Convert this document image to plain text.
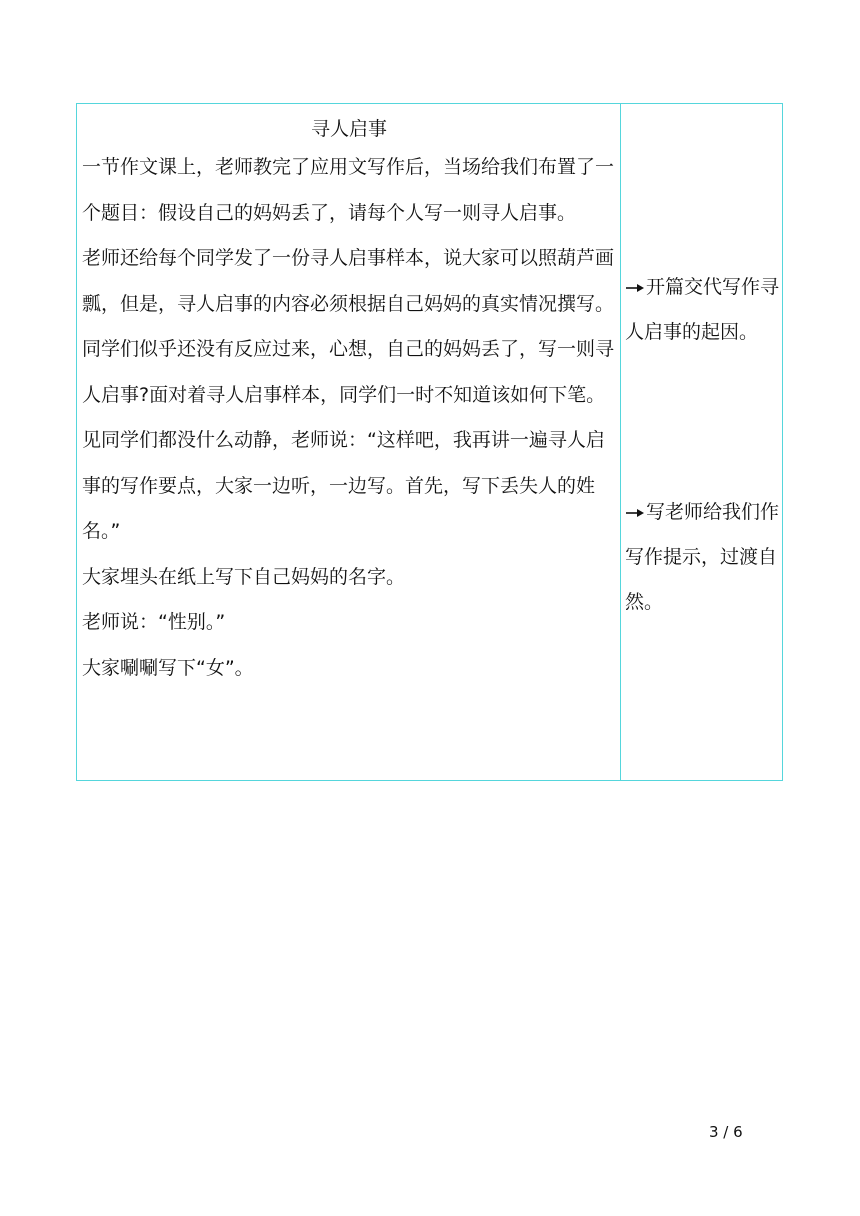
寻人启事

一节作文课上，老师教完了应用文写作后，当场给我们布置了一个题目：假设自己的妈妈丢了，请每个人写一则寻人启事。

老师还给每个同学发了一份寻人启事样本，说大家可以照葫芦画瓢，但是，寻人启事的内容必须根据自己妈妈的真实情况撰写。

同学们似乎还没有反应过来，心想，自己的妈妈丢了，写一则寻人启事?面对着寻人启事样本，同学们一时不知道该如何下笔。

见同学们都没什么动静，老师说：“这样吧，我再讲一遍寻人启事的写作要点，大家一边听，一边写。首先，写下丢失人的姓名。”

大家埋头在纸上写下自己妈妈的名字。

老师说：“性别。”

大家唰唰写下“女”。

开篇交代写作寻人启事的起因。

写老师给我们作写作提示，过渡自然。

3 / 6
